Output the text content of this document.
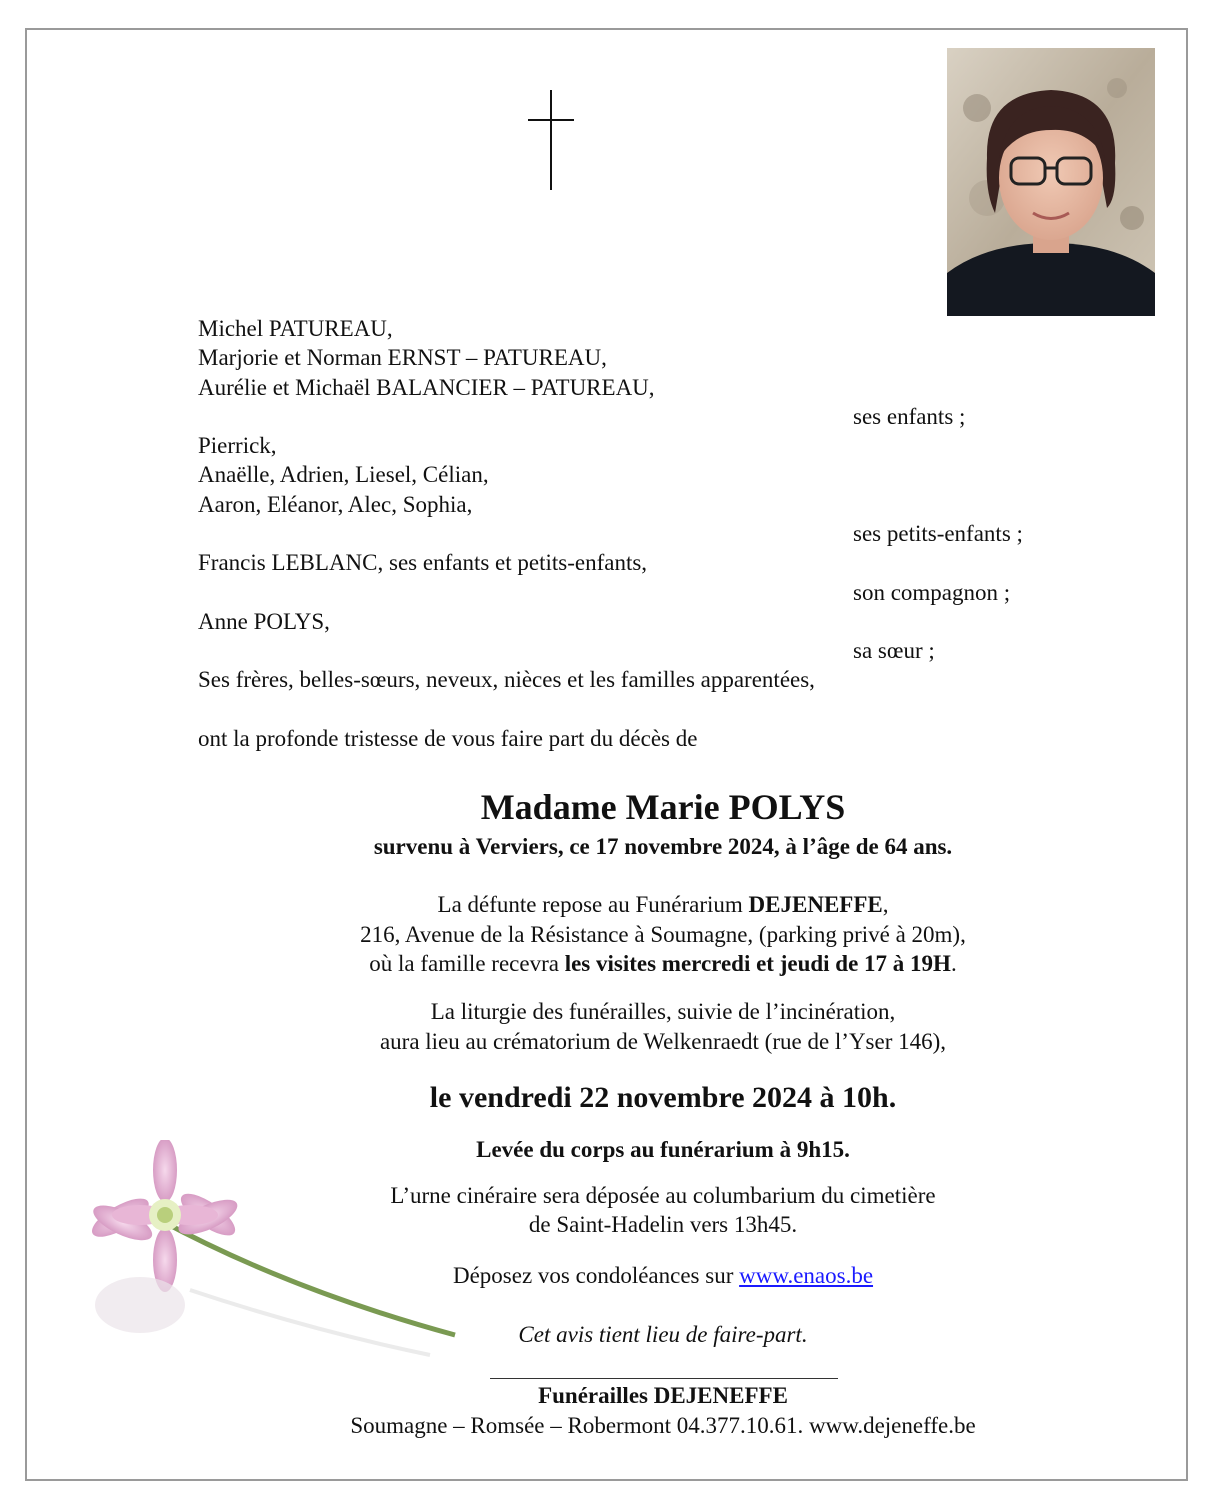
Michel PATUREAU,
Marjorie et Norman ERNST – PATUREAU,
Aurélie et Michaël BALANCIER – PATUREAU,
ses enfants ;
Pierrick,
Anaëlle, Adrien, Liesel, Célian,
Aaron, Eléanor, Alec, Sophia,
ses petits-enfants ;
Francis LEBLANC, ses enfants et petits-enfants,
son compagnon ;
Anne POLYS,
sa sœur ;
Ses frères, belles-sœurs, neveux, nièces et les familles apparentées,
ont la profonde tristesse de vous faire part du décès de
Madame Marie POLYS
survenu à Verviers, ce 17 novembre 2024, à l’âge de 64 ans.
La défunte repose au Funérarium DEJENEFFE,
216, Avenue de la Résistance à Soumagne, (parking privé à 20m),
où la famille recevra les visites mercredi et jeudi de 17 à 19H.
La liturgie des funérailles, suivie de l’incinération,
aura lieu au crématorium de Welkenraedt (rue de l’Yser 146),
le vendredi 22 novembre 2024 à 10h.
Levée du corps au funérarium à 9h15.
L’urne cinéraire sera déposée au columbarium du cimetière
de Saint-Hadelin vers 13h45.
Déposez vos condoléances sur www.enaos.be
Cet avis tient lieu de faire-part.
Funérailles DEJENEFFE
Soumagne – Romsée – Robermont 04.377.10.61. www.dejeneffe.be
